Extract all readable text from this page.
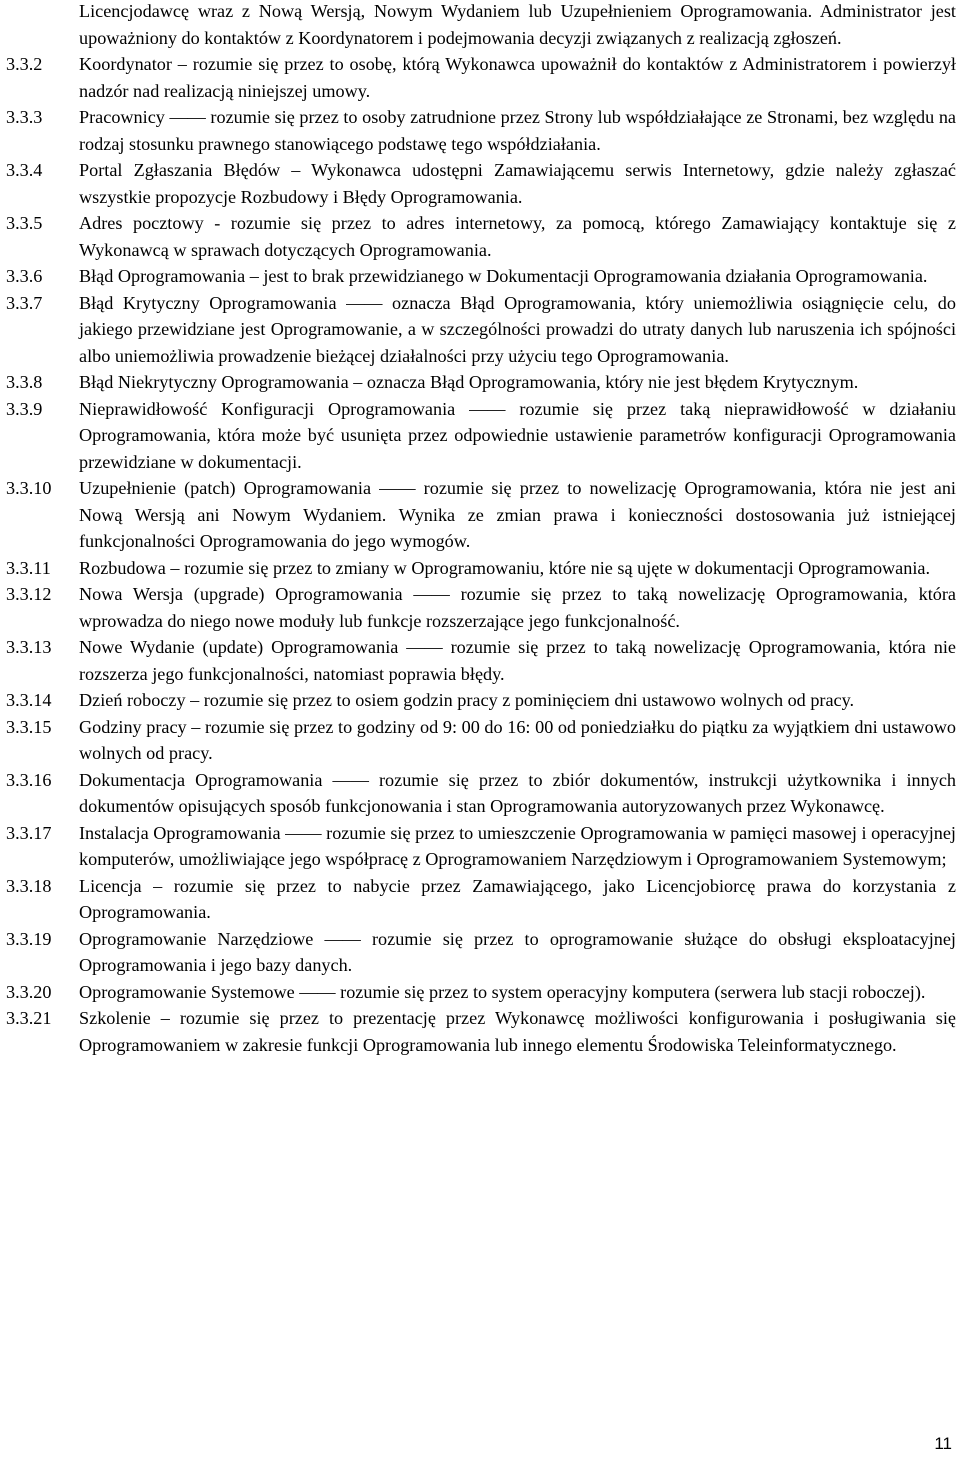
Licencjodawcę wraz z Nową Wersją, Nowym Wydaniem lub Uzupełnieniem Oprogramowania. Administrator jest upoważniony do kontaktów z Koordynatorem i podejmowania decyzji związanych z realizacją zgłoszeń.
3.3.2	Koordynator – rozumie się przez to osobę, którą Wykonawca upoważnił do kontaktów z Administratorem i powierzył nadzór nad realizacją niniejszej umowy.
3.3.3	Pracownicy —— rozumie się przez to osoby zatrudnione przez Strony lub współdziałające ze Stronami, bez względu na rodzaj stosunku prawnego stanowiącego podstawę tego współdziałania.
3.3.4	Portal Zgłaszania Błędów – Wykonawca udostępni Zamawiającemu serwis Internetowy, gdzie należy zgłaszać wszystkie propozycje Rozbudowy i Błędy Oprogramowania.
3.3.5	Adres pocztowy - rozumie się przez to adres internetowy, za pomocą, którego Zamawiający kontaktuje się z Wykonawcą w sprawach dotyczących Oprogramowania.
3.3.6	Błąd Oprogramowania – jest to brak przewidzianego w Dokumentacji Oprogramowania działania Oprogramowania.
3.3.7	Błąd Krytyczny Oprogramowania —— oznacza Błąd Oprogramowania, który uniemożliwia osiągnięcie celu, do jakiego przewidziane jest Oprogramowanie, a w szczególności prowadzi do utraty danych lub naruszenia ich spójności albo uniemożliwia prowadzenie bieżącej działalności przy użyciu tego Oprogramowania.
3.3.8	Błąd Niekrytyczny Oprogramowania – oznacza Błąd Oprogramowania, który nie jest błędem Krytycznym.
3.3.9	Nieprawidłowość Konfiguracji Oprogramowania —— rozumie się przez taką nieprawidłowość w działaniu Oprogramowania, która może być usunięta przez odpowiednie ustawienie parametrów konfiguracji Oprogramowania przewidziane w dokumentacji.
3.3.10	Uzupełnienie (patch) Oprogramowania —— rozumie się przez to nowelizację Oprogramowania, która nie jest ani Nową Wersją ani Nowym Wydaniem. Wynika ze zmian prawa i konieczności dostosowania już istniejącej funkcjonalności Oprogramowania do jego wymogów.
3.3.11	Rozbudowa – rozumie się przez to zmiany w Oprogramowaniu, które nie są ujęte w dokumentacji Oprogramowania.
3.3.12	Nowa Wersja (upgrade) Oprogramowania —— rozumie się przez to taką nowelizację Oprogramowania, która wprowadza do niego nowe moduły lub funkcje rozszerzające jego funkcjonalność.
3.3.13	Nowe Wydanie (update) Oprogramowania —— rozumie się przez to taką nowelizację Oprogramowania, która nie rozszerza jego funkcjonalności, natomiast poprawia błędy.
3.3.14	Dzień roboczy – rozumie się przez to osiem godzin pracy z pominięciem dni ustawowo wolnych od pracy.
3.3.15	Godziny pracy – rozumie się przez to godziny od 9: 00 do 16: 00 od poniedziałku do piątku za wyjątkiem dni ustawowo wolnych od pracy.
3.3.16	Dokumentacja Oprogramowania —— rozumie się przez to zbiór dokumentów, instrukcji użytkownika i innych dokumentów opisujących sposób funkcjonowania i stan Oprogramowania autoryzowanych przez Wykonawcę.
3.3.17	Instalacja Oprogramowania —— rozumie się przez to umieszczenie Oprogramowania w pamięci masowej i operacyjnej komputerów, umożliwiające jego współpracę z Oprogramowaniem Narzędziowym i Oprogramowaniem Systemowym;
3.3.18	Licencja – rozumie się przez to nabycie przez Zamawiającego, jako Licencjobiorcę prawa do korzystania z Oprogramowania.
3.3.19	Oprogramowanie Narzędziowe —— rozumie się przez to oprogramowanie służące do obsługi eksploatacyjnej Oprogramowania i jego bazy danych.
3.3.20	Oprogramowanie Systemowe —— rozumie się przez to system operacyjny komputera (serwera lub stacji roboczej).
3.3.21	Szkolenie – rozumie się przez to prezentację przez Wykonawcę możliwości konfigurowania i posługiwania się Oprogramowaniem w zakresie funkcji Oprogramowania lub innego elementu Środowiska Teleinformatycznego.
11
